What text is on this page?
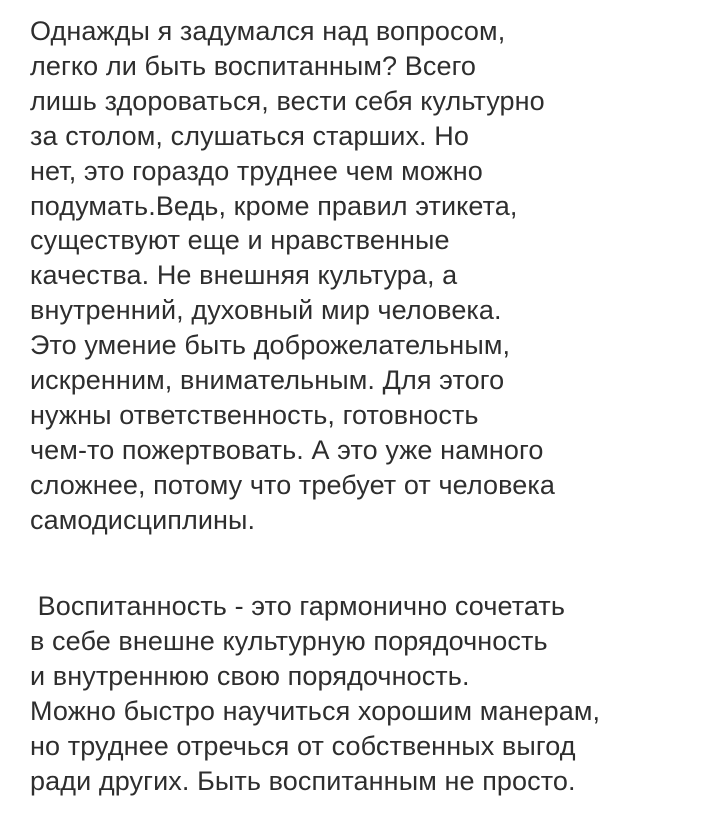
Однажды я задумался над вопросом,
легко ли быть воспитанным? Всего
лишь здороваться, вести себя культурно
за столом, слушаться старших. Но
нет, это гораздо труднее чем можно
подумать.Ведь, кроме правил этикета,
существуют еще и нравственные
качества. Не внешняя культура, а
внутренний, духовный мир человека.
Это умение быть доброжелательным,
искренним, внимательным. Для этого
нужны ответственность, готовность
чем-то пожертвовать. А это уже намного
сложнее, потому что требует от человека
самодисциплины.
Воспитанность - это гармонично сочетать
в себе внешне культурную порядочность
и внутреннюю свою порядочность.
Можно быстро научиться хорошим манерам,
но труднее отречься от собственных выгод
ради других. Быть воспитанным не просто.
